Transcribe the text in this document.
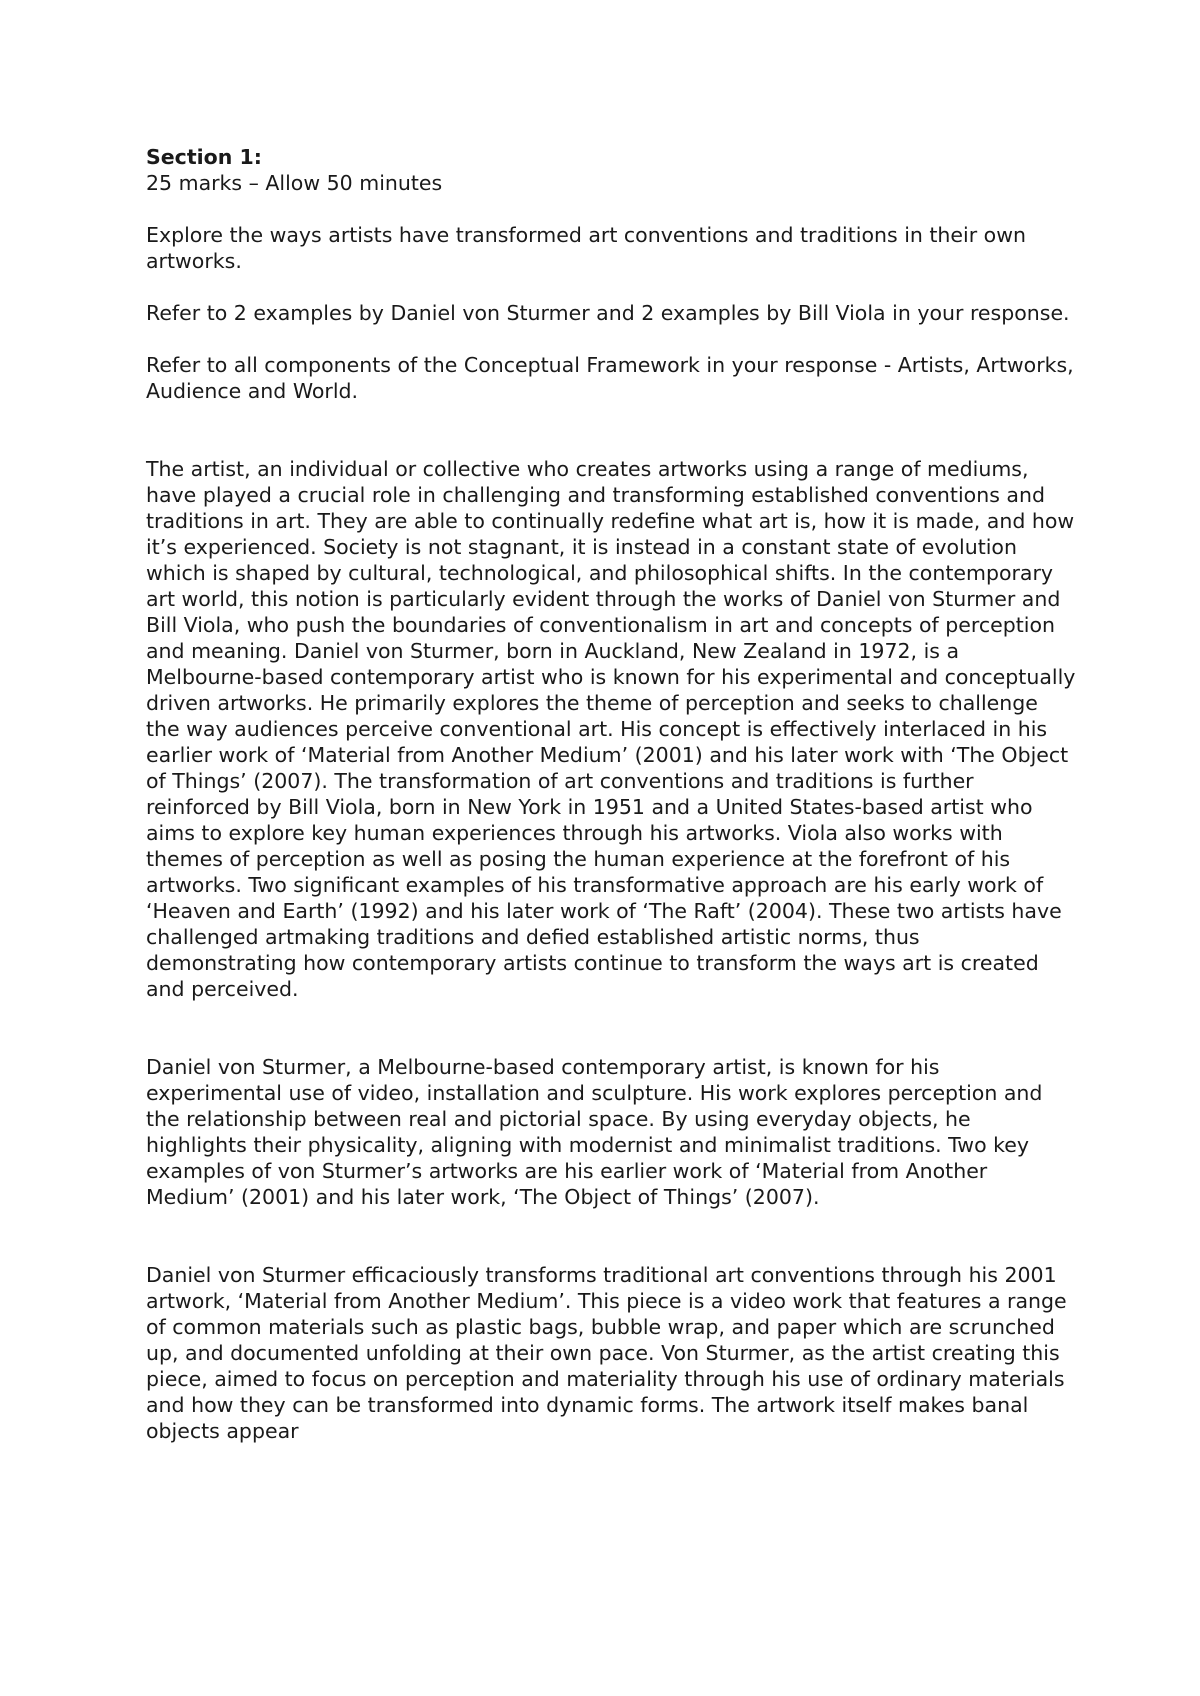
Section 1:

25 marks – Allow 50 minutes

Explore the ways artists have transformed art conventions and traditions in their own artworks.

Refer to 2 examples by Daniel von Sturmer and 2 examples by Bill Viola in your response.

Refer to all components of the Conceptual Framework in your response - Artists, Artworks, Audience and World.

The artist, an individual or collective who creates artworks using a range of mediums, have played a crucial role in challenging and transforming established conventions and traditions in art. They are able to continually redefine what art is, how it is made, and how it’s experienced. Society is not stagnant, it is instead in a constant state of evolution which is shaped by cultural, technological, and philosophical shifts. In the contemporary art world, this notion is particularly evident through the works of Daniel von Sturmer and Bill Viola, who push the boundaries of conventionalism in art and concepts of perception and meaning. Daniel von Sturmer, born in Auckland, New Zealand in 1972, is a Melbourne-based contemporary artist who is known for his experimental and conceptually driven artworks. He primarily explores the theme of perception and seeks to challenge the way audiences perceive conventional art. His concept is effectively interlaced in his earlier work of ‘Material from Another Medium’ (2001) and his later work with ‘The Object of Things’ (2007). The transformation of art conventions and traditions is further reinforced by Bill Viola, born in New York in 1951 and a United States-based artist who aims to explore key human experiences through his artworks. Viola also works with themes of perception as well as posing the human experience at the forefront of his artworks. Two significant examples of his transformative approach are his early work of ‘Heaven and Earth’ (1992) and his later work of ‘The Raft’ (2004). These two artists have challenged artmaking traditions and defied established artistic norms, thus demonstrating how contemporary artists continue to transform the ways art is created and perceived.

Daniel von Sturmer, a Melbourne-based contemporary artist, is known for his experimental use of video, installation and sculpture. His work explores perception and the relationship between real and pictorial space. By using everyday objects, he highlights their physicality, aligning with modernist and minimalist traditions. Two key examples of von Sturmer’s artworks are his earlier work of ‘Material from Another Medium’ (2001) and his later work, ‘The Object of Things’ (2007).

Daniel von Sturmer efficaciously transforms traditional art conventions through his 2001 artwork, ‘Material from Another Medium’. This piece is a video work that features a range of common materials such as plastic bags, bubble wrap, and paper which are scrunched up, and documented unfolding at their own pace. Von Sturmer, as the artist creating this piece, aimed to focus on perception and materiality through his use of ordinary materials and how they can be transformed into dynamic forms. The artwork itself makes banal objects appear
